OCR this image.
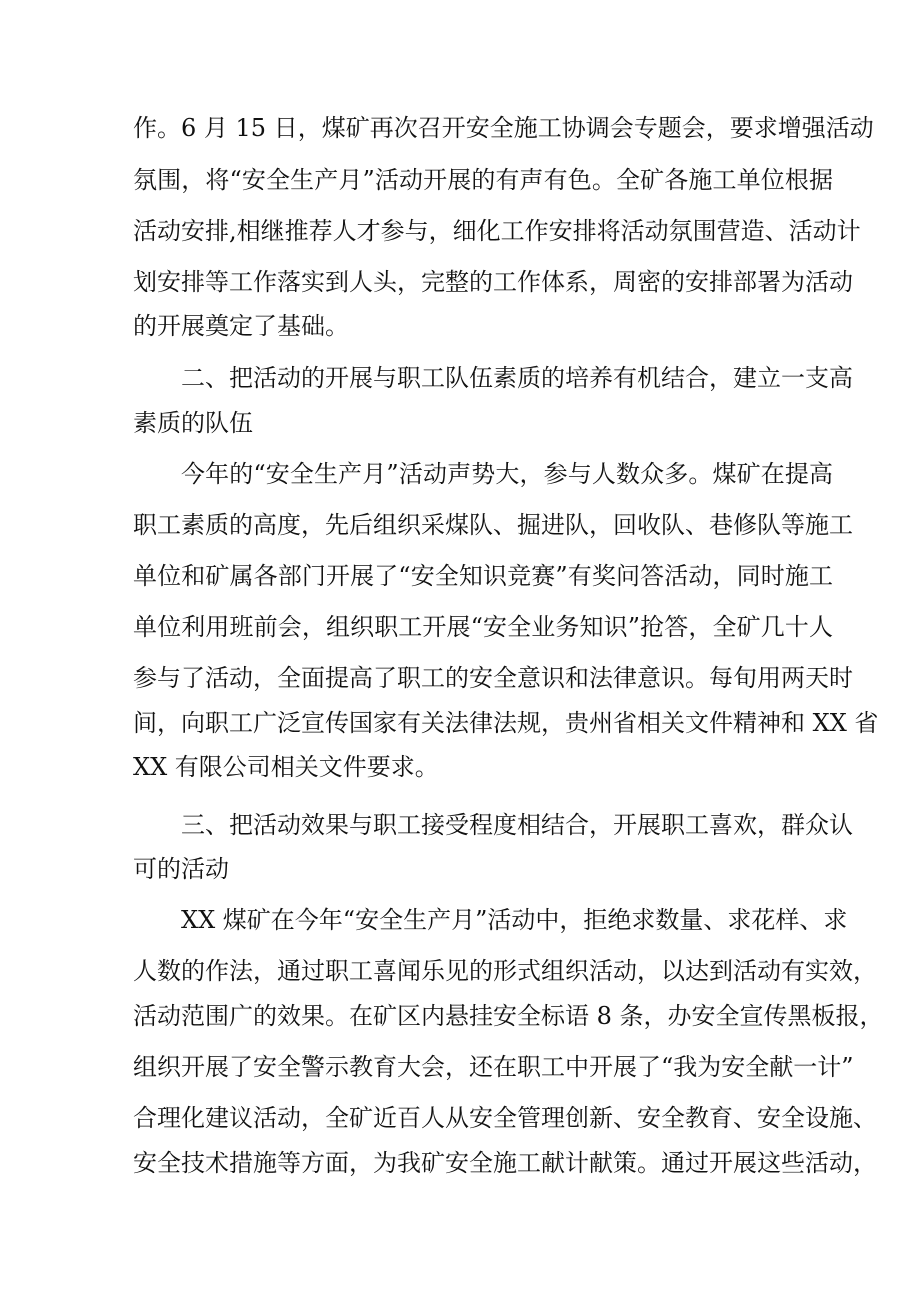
作。6 月 15 日，煤矿再次召开安全施工协调会专题会，要求增强活动

氛围，将“安全生产月”活动开展的有声有色。全矿各施工单位根据

活动安排,相继推荐人才参与，细化工作安排将活动氛围营造、活动计

划安排等工作落实到人头，完整的工作体系，周密的安排部署为活动

的开展奠定了基础。

二、把活动的开展与职工队伍素质的培养有机结合，建立一支高

素质的队伍

今年的“安全生产月”活动声势大，参与人数众多。煤矿在提高

职工素质的高度，先后组织采煤队、掘进队，回收队、巷修队等施工

单位和矿属各部门开展了“安全知识竞赛”有奖问答活动，同时施工

单位利用班前会，组织职工开展“安全业务知识”抢答，全矿几十人

参与了活动，全面提高了职工的安全意识和法律意识。每旬用两天时

间，向职工广泛宣传国家有关法律法规，贵州省相关文件精神和 XX 省

XX 有限公司相关文件要求。

三、把活动效果与职工接受程度相结合，开展职工喜欢，群众认

可的活动

XX 煤矿在今年“安全生产月”活动中，拒绝求数量、求花样、求

人数的作法，通过职工喜闻乐见的形式组织活动，以达到活动有实效，

活动范围广的效果。在矿区内悬挂安全标语 8 条，办安全宣传黑板报，

组织开展了安全警示教育大会，还在职工中开展了“我为安全献一计”

合理化建议活动，全矿近百人从安全管理创新、安全教育、安全设施、

安全技术措施等方面，为我矿安全施工献计献策。通过开展这些活动，
